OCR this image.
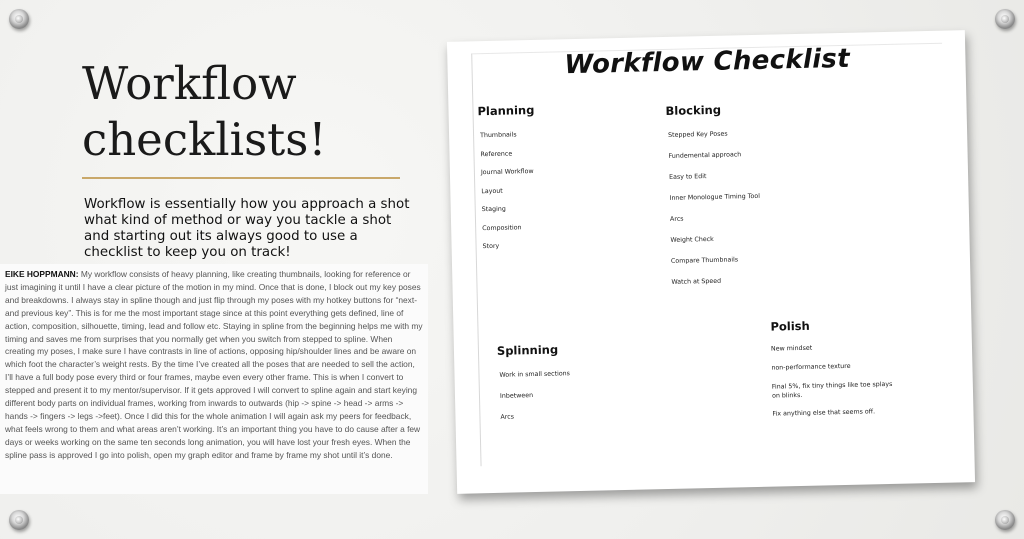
Workflow
checklists!
Workflow is essentially how you approach a shot
what kind of method or way you tackle a shot
and starting out its always good to use a
checklist to keep you on track!
EIKE HOPPMANN: My workflow consists of heavy planning, like creating thumbnails, looking for reference or just imagining it until I have a clear picture of the motion in my mind. Once that is done, I block out my key poses and breakdowns. I always stay in spline though and just flip through my poses with my hotkey buttons for “next- and previous key”. This is for me the most important stage since at this point everything gets defined, line of action, composition, silhouette, timing, lead and follow etc. Staying in spline from the beginning helps me with my timing and saves me from surprises that you normally get when you switch from stepped to spline. When creating my poses, I make sure I have contrasts in line of actions, opposing hip/shoulder lines and be aware on which foot the character’s weight rests. By the time I’ve created all the poses that are needed to sell the action, I’ll have a full body pose every third or four frames, maybe even every other frame. This is when I convert to stepped and present it to my mentor/supervisor. If it gets approved I will convert to spline again and start keying different body parts on individual frames, working from inwards to outwards (hip -> spine -> head -> arms -> hands -> fingers -> legs ->feet). Once I did this for the whole animation I will again ask my peers for feedback, what feels wrong to them and what areas aren’t working. It’s an important thing you have to do cause after a few days or weeks working on the same ten seconds long animation, you will have lost your fresh eyes. When the spline pass is approved I go into polish, open my graph editor and frame by frame my shot until it’s done.
Workflow Checklist
Planning
Thumbnails
Reference
Journal Workflow
Layout
Staging
Composition
Story
Blocking
Stepped Key Poses
Fundemental approach
Easy to Edit
Inner Monologue Timing Tool
Arcs
Weight Check
Compare Thumbnails
Watch at Speed
Splinning
Work in small sections
Inbetween
Arcs
Polish
New mindset
non-performance texture
Final 5%, fix tiny things like toe splays on blinks.
Fix anything else that seems off.
